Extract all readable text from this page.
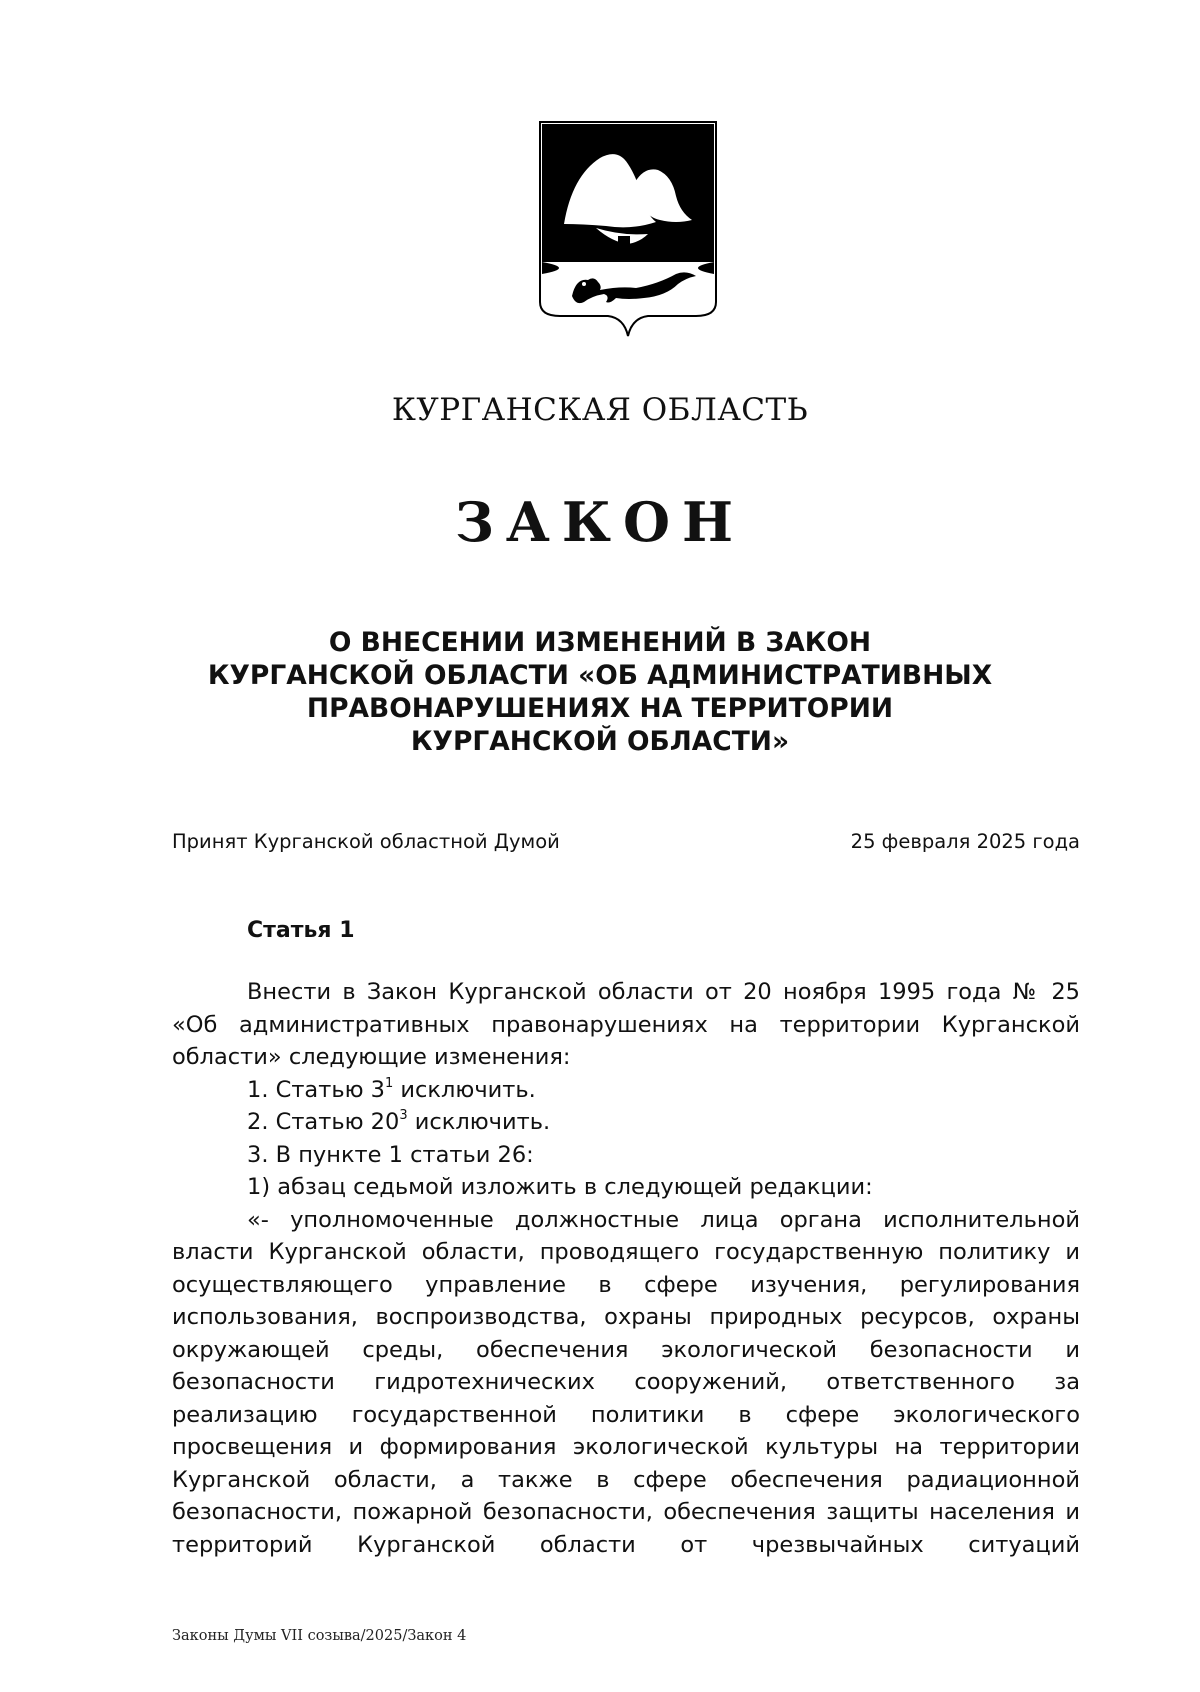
КУРГАНСКАЯ ОБЛАСТЬ
ЗАКОН
О ВНЕСЕНИИ ИЗМЕНЕНИЙ В ЗАКОН
КУРГАНСКОЙ ОБЛАСТИ «ОБ АДМИНИСТРАТИВНЫХ
ПРАВОНАРУШЕНИЯХ НА ТЕРРИТОРИИ
КУРГАНСКОЙ ОБЛАСТИ»
Принят Курганской областной Думой	25 февраля 2025 года
Статья 1

Внести в Закон Курганской области от 20 ноября 1995 года № 25 «Об административных правонарушениях на территории Курганской области» следующие изменения:

1. Статью $3^1$ исключить.

2. Статью $20^3$ исключить.

3. В пункте 1 статьи 26:

1) абзац седьмой изложить в следующей редакции:

«- уполномоченные должностные лица органа исполнительной власти Курганской области, проводящего государственную политику и осуществляющего управление в сфере изучения, регулирования использования, воспроизводства, охраны природных ресурсов, охраны окружающей среды, обеспечения экологической безопасности и безопасности гидротехнических сооружений, ответственного за реализацию государственной политики в сфере экологического просвещения и формирования экологической культуры на территории Курганской области, а также в сфере обеспечения радиационной безопасности, пожарной безопасности, обеспечения защиты населения и территорий Курганской области от чрезвычайных ситуаций

Законы Думы VII созыва/2025/Закон 4
